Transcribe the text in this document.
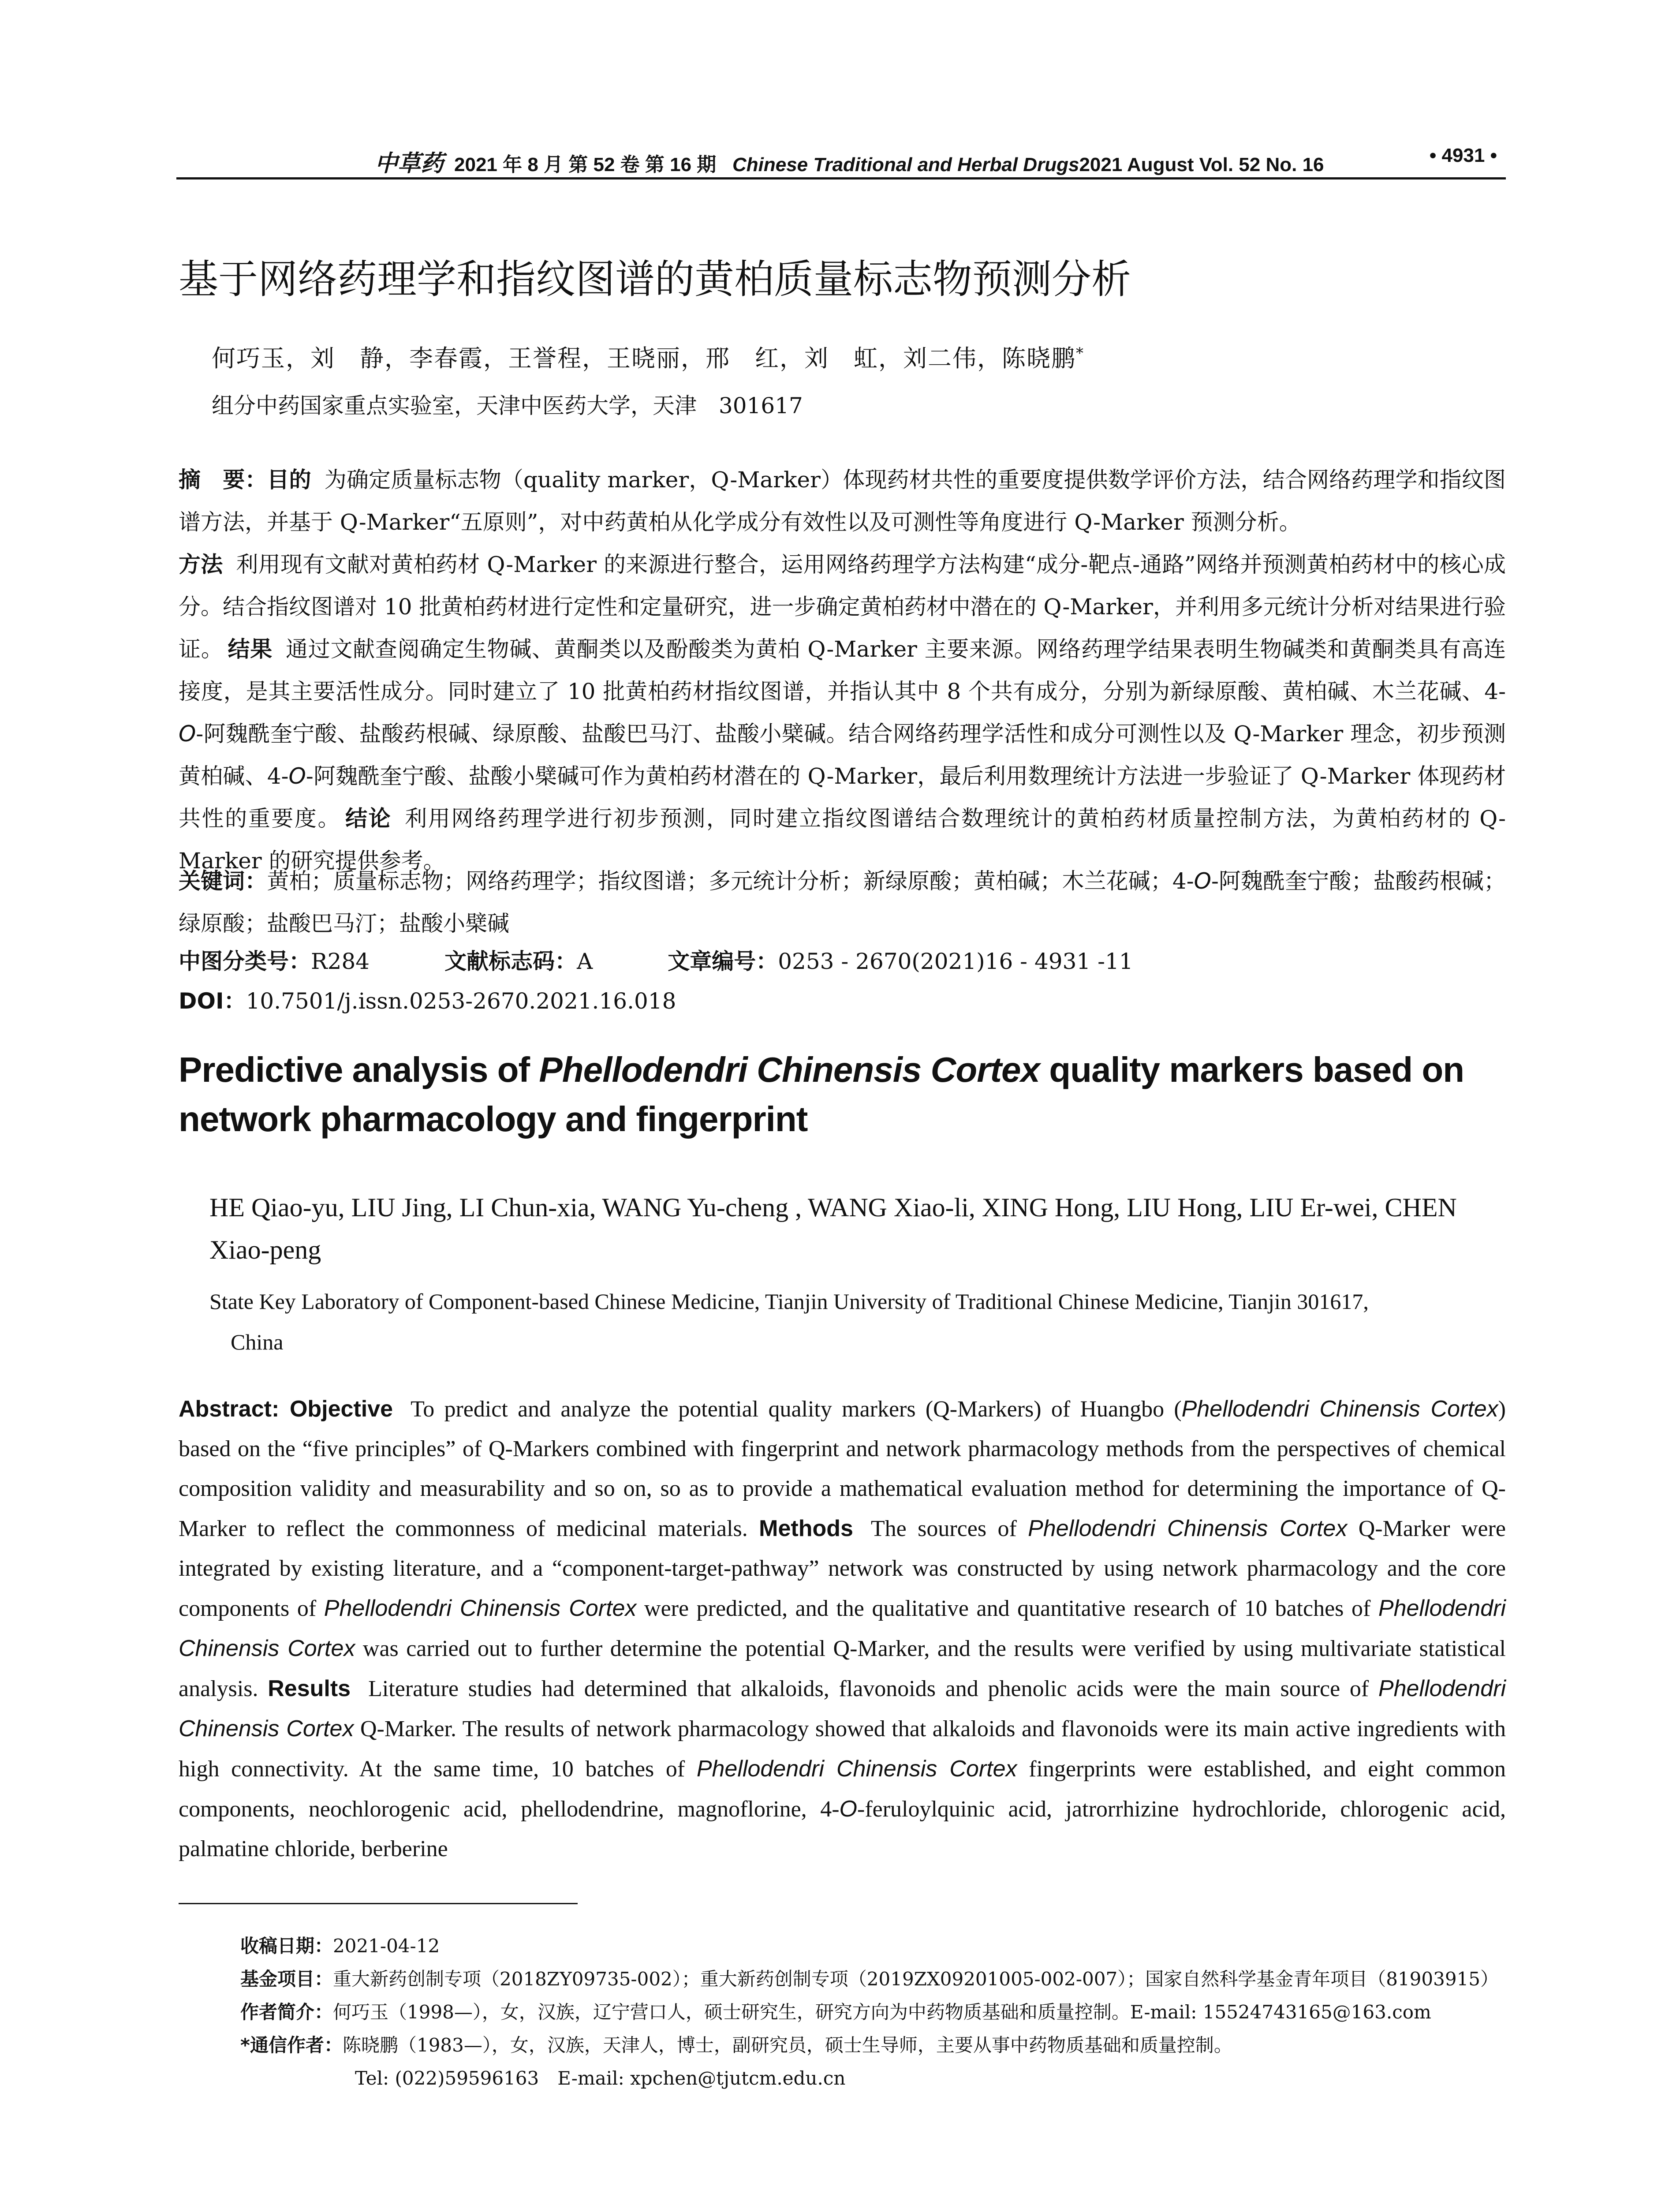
中草药 2021 年 8 月 第 52 卷 第 16 期 Chinese Traditional and Herbal Drugs2021 August Vol. 52 No. 16	• 4931 •
基于网络药理学和指纹图谱的黄柏质量标志物预测分析
何巧玉，刘　静，李春霞，王誉程，王晓丽，邢　红，刘　虹，刘二伟，陈晓鹏*
组分中药国家重点实验室，天津中医药大学，天津　301617
摘　要：目的 为确定质量标志物（quality marker，Q-Marker）体现药材共性的重要度提供数学评价方法，结合网络药理学和指纹图谱方法，并基于 Q-Marker“五原则”，对中药黄柏从化学成分有效性以及可测性等角度进行 Q-Marker 预测分析。
方法 利用现有文献对黄柏药材 Q-Marker 的来源进行整合，运用网络药理学方法构建“成分-靶点-通路”网络并预测黄柏药材中的核心成分。结合指纹图谱对 10 批黄柏药材进行定性和定量研究，进一步确定黄柏药材中潜在的 Q-Marker，并利用多元统计分析对结果进行验证。 结果 通过文献查阅确定生物碱、黄酮类以及酚酸类为黄柏 Q-Marker 主要来源。网络药理学结果表明生物碱类和黄酮类具有高连接度，是其主要活性成分。同时建立了 10 批黄柏药材指纹图谱，并指认其中 8 个共有成分，分别为新绿原酸、黄柏碱、木兰花碱、4-O-阿魏酰奎宁酸、盐酸药根碱、绿原酸、盐酸巴马汀、盐酸小檗碱。结合网络药理学活性和成分可测性以及 Q-Marker 理念，初步预测黄柏碱、4-O-阿魏酰奎宁酸、盐酸小檗碱可作为黄柏药材潜在的 Q-Marker，最后利用数理统计方法进一步验证了 Q-Marker 体现药材共性的重要度。 结论 利用网络药理学进行初步预测，同时建立指纹图谱结合数理统计的黄柏药材质量控制方法，为黄柏药材的 Q-Marker 的研究提供参考。
关键词：黄柏；质量标志物；网络药理学；指纹图谱；多元统计分析；新绿原酸；黄柏碱；木兰花碱；4-O-阿魏酰奎宁酸；盐酸药根碱；绿原酸；盐酸巴马汀；盐酸小檗碱
中图分类号：R284	文献标志码：A	文章编号：0253 - 2670(2021)16 - 4931 -11
DOI：10.7501/j.issn.0253-2670.2021.16.018
Predictive analysis of Phellodendri Chinensis Cortex quality markers based on network pharmacology and fingerprint
HE Qiao-yu, LIU Jing, LI Chun-xia, WANG Yu-cheng , WANG Xiao-li, XING Hong, LIU Hong, LIU Er-wei, CHEN Xiao-peng
State Key Laboratory of Component-based Chinese Medicine, Tianjin University of Traditional Chinese Medicine, Tianjin 301617,
China
Abstract: Objective To predict and analyze the potential quality markers (Q-Markers) of Huangbo (Phellodendri Chinensis Cortex) based on the “five principles” of Q-Markers combined with fingerprint and network pharmacology methods from the perspectives of chemical composition validity and measurability and so on, so as to provide a mathematical evaluation method for determining the importance of Q-Marker to reflect the commonness of medicinal materials. Methods The sources of Phellodendri Chinensis Cortex Q-Marker were integrated by existing literature, and a “component-target-pathway” network was constructed by using network pharmacology and the core components of Phellodendri Chinensis Cortex were predicted, and the qualitative and quantitative research of 10 batches of Phellodendri Chinensis Cortex was carried out to further determine the potential Q-Marker, and the results were verified by using multivariate statistical analysis. Results Literature studies had determined that alkaloids, flavonoids and phenolic acids were the main source of Phellodendri Chinensis Cortex Q-Marker. The results of network pharmacology showed that alkaloids and flavonoids were its main active ingredients with high connectivity. At the same time, 10 batches of Phellodendri Chinensis Cortex fingerprints were established, and eight common components, neochlorogenic acid, phellodendrine, magnoflorine, 4-O-feruloylquinic acid, jatrorrhizine hydrochloride, chlorogenic acid, palmatine chloride, berberine
收稿日期：2021-04-12
基金项目：重大新药创制专项（2018ZY09735-002）；重大新药创制专项（2019ZX09201005-002-007）；国家自然科学基金青年项目（81903915）
作者简介：何巧玉（1998—），女，汉族，辽宁营口人，硕士研究生，研究方向为中药物质基础和质量控制。E-mail: 15524743165@163.com
*通信作者：陈晓鹏（1983—），女，汉族，天津人，博士，副研究员，硕士生导师，主要从事中药物质基础和质量控制。
Tel: (022)59596163　E-mail: xpchen@tjutcm.edu.cn
